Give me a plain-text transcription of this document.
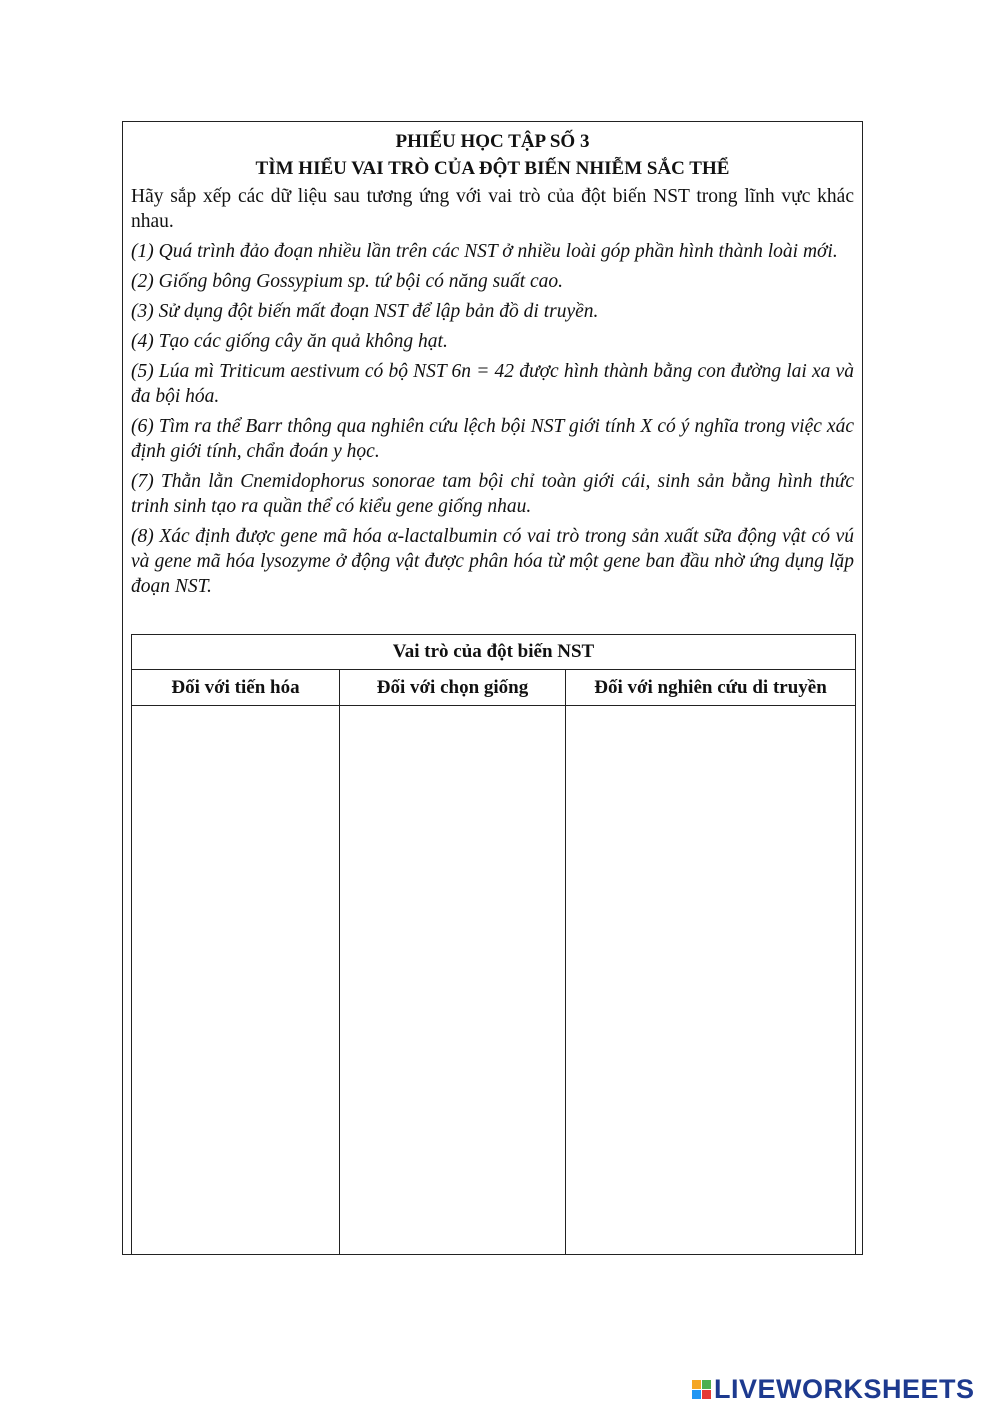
PHIẾU HỌC TẬP SỐ 3
TÌM HIỂU VAI TRÒ CỦA ĐỘT BIẾN NHIỄM SẮC THỂ

Hãy sắp xếp các dữ liệu sau tương ứng với vai trò của đột biến NST trong lĩnh vực khác nhau.

(1) Quá trình đảo đoạn nhiều lần trên các NST ở nhiều loài góp phần hình thành loài mới.
(2) Giống bông Gossypium sp. tứ bội có năng suất cao.
(3) Sử dụng đột biến mất đoạn NST để lập bản đồ di truyền.
(4) Tạo các giống cây ăn quả không hạt.
(5) Lúa mì Triticum aestivum có bộ NST 6n = 42 được hình thành bằng con đường lai xa và đa bội hóa.
(6) Tìm ra thể Barr thông qua nghiên cứu lệch bội NST giới tính X có ý nghĩa trong việc xác định giới tính, chẩn đoán y học.
(7) Thằn lằn Cnemidophorus sonorae tam bội chỉ toàn giới cái, sinh sản bằng hình thức trinh sinh tạo ra quần thể có kiểu gene giống nhau.
(8) Xác định được gene mã hóa α-lactalbumin có vai trò trong sản xuất sữa động vật có vú và gene mã hóa lysozyme ở động vật được phân hóa từ một gene ban đầu nhờ ứng dụng lặp đoạn NST.
Vai trò của đột biến NST		
Đối với tiến hóa	Đối với chọn giống	Đối với nghiên cứu di truyền

LIVEWORKSHEETS
